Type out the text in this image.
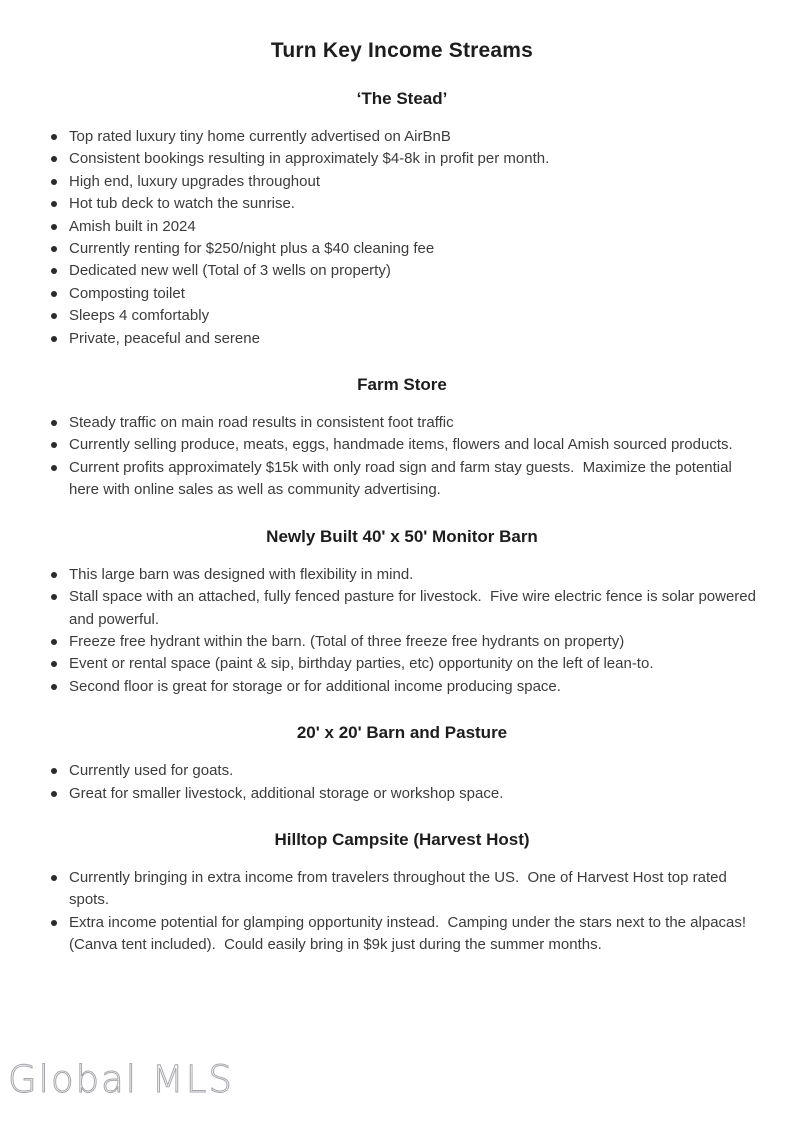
Turn Key Income Streams
‘The Stead’
Top rated luxury tiny home currently advertised on AirBnB
Consistent bookings resulting in approximately $4-8k in profit per month.
High end, luxury upgrades throughout
Hot tub deck to watch the sunrise.
Amish built in 2024
Currently renting for $250/night plus a $40 cleaning fee
Dedicated new well (Total of 3 wells on property)
Composting toilet
Sleeps 4 comfortably
Private, peaceful and serene
Farm Store
Steady traffic on main road results in consistent foot traffic
Currently selling produce, meats, eggs, handmade items, flowers and local Amish sourced products.
Current profits approximately $15k with only road sign and farm stay guests.  Maximize the potential here with online sales as well as community advertising.
Newly Built 40' x 50' Monitor Barn
This large barn was designed with flexibility in mind.
Stall space with an attached, fully fenced pasture for livestock.  Five wire electric fence is solar powered and powerful.
Freeze free hydrant within the barn. (Total of three freeze free hydrants on property)
Event or rental space (paint & sip, birthday parties, etc) opportunity on the left of lean-to.
Second floor is great for storage or for additional income producing space.
20' x 20' Barn and Pasture
Currently used for goats.
Great for smaller livestock, additional storage or workshop space.
Hilltop Campsite (Harvest Host)
Currently bringing in extra income from travelers throughout the US.  One of Harvest Host top rated spots.
Extra income potential for glamping opportunity instead.  Camping under the stars next to the alpacas! (Canva tent included).  Could easily bring in $9k just during the summer months.
Global MLS
